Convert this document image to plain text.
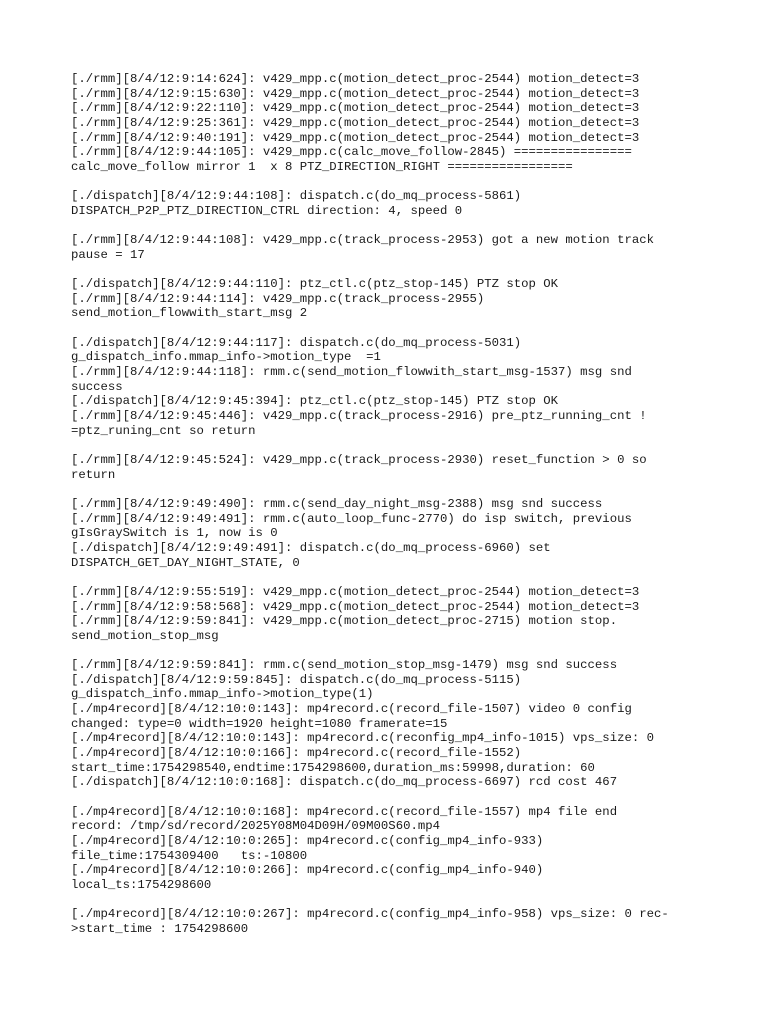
[./rmm][8/4/12:9:14:624]: v429_mpp.c(motion_detect_proc-2544) motion_detect=3
[./rmm][8/4/12:9:15:630]: v429_mpp.c(motion_detect_proc-2544) motion_detect=3
[./rmm][8/4/12:9:22:110]: v429_mpp.c(motion_detect_proc-2544) motion_detect=3
[./rmm][8/4/12:9:25:361]: v429_mpp.c(motion_detect_proc-2544) motion_detect=3
[./rmm][8/4/12:9:40:191]: v429_mpp.c(motion_detect_proc-2544) motion_detect=3
[./rmm][8/4/12:9:44:105]: v429_mpp.c(calc_move_follow-2845) ================
calc_move_follow mirror 1  x 8 PTZ_DIRECTION_RIGHT =================
[./dispatch][8/4/12:9:44:108]: dispatch.c(do_mq_process-5861)
DISPATCH_P2P_PTZ_DIRECTION_CTRL direction: 4, speed 0
[./rmm][8/4/12:9:44:108]: v429_mpp.c(track_process-2953) got a new motion track
pause = 17
[./dispatch][8/4/12:9:44:110]: ptz_ctl.c(ptz_stop-145) PTZ stop OK
[./rmm][8/4/12:9:44:114]: v429_mpp.c(track_process-2955)
send_motion_flowwith_start_msg 2
[./dispatch][8/4/12:9:44:117]: dispatch.c(do_mq_process-5031)
g_dispatch_info.mmap_info->motion_type  =1
[./rmm][8/4/12:9:44:118]: rmm.c(send_motion_flowwith_start_msg-1537) msg snd
success
[./dispatch][8/4/12:9:45:394]: ptz_ctl.c(ptz_stop-145) PTZ stop OK
[./rmm][8/4/12:9:45:446]: v429_mpp.c(track_process-2916) pre_ptz_running_cnt !
=ptz_runing_cnt so return
[./rmm][8/4/12:9:45:524]: v429_mpp.c(track_process-2930) reset_function > 0 so
return
[./rmm][8/4/12:9:49:490]: rmm.c(send_day_night_msg-2388) msg snd success
[./rmm][8/4/12:9:49:491]: rmm.c(auto_loop_func-2770) do isp switch, previous
gIsGraySwitch is 1, now is 0
[./dispatch][8/4/12:9:49:491]: dispatch.c(do_mq_process-6960) set
DISPATCH_GET_DAY_NIGHT_STATE, 0
[./rmm][8/4/12:9:55:519]: v429_mpp.c(motion_detect_proc-2544) motion_detect=3
[./rmm][8/4/12:9:58:568]: v429_mpp.c(motion_detect_proc-2544) motion_detect=3
[./rmm][8/4/12:9:59:841]: v429_mpp.c(motion_detect_proc-2715) motion stop.
send_motion_stop_msg
[./rmm][8/4/12:9:59:841]: rmm.c(send_motion_stop_msg-1479) msg snd success
[./dispatch][8/4/12:9:59:845]: dispatch.c(do_mq_process-5115)
g_dispatch_info.mmap_info->motion_type(1)
[./mp4record][8/4/12:10:0:143]: mp4record.c(record_file-1507) video 0 config
changed: type=0 width=1920 height=1080 framerate=15
[./mp4record][8/4/12:10:0:143]: mp4record.c(reconfig_mp4_info-1015) vps_size: 0
[./mp4record][8/4/12:10:0:166]: mp4record.c(record_file-1552)
start_time:1754298540,endtime:1754298600,duration_ms:59998,duration: 60
[./dispatch][8/4/12:10:0:168]: dispatch.c(do_mq_process-6697) rcd cost 467
[./mp4record][8/4/12:10:0:168]: mp4record.c(record_file-1557) mp4 file end
record: /tmp/sd/record/2025Y08M04D09H/09M00S60.mp4
[./mp4record][8/4/12:10:0:265]: mp4record.c(config_mp4_info-933)
file_time:1754309400   ts:-10800
[./mp4record][8/4/12:10:0:266]: mp4record.c(config_mp4_info-940)
local_ts:1754298600
[./mp4record][8/4/12:10:0:267]: mp4record.c(config_mp4_info-958) vps_size: 0 rec-
>start_time : 1754298600
